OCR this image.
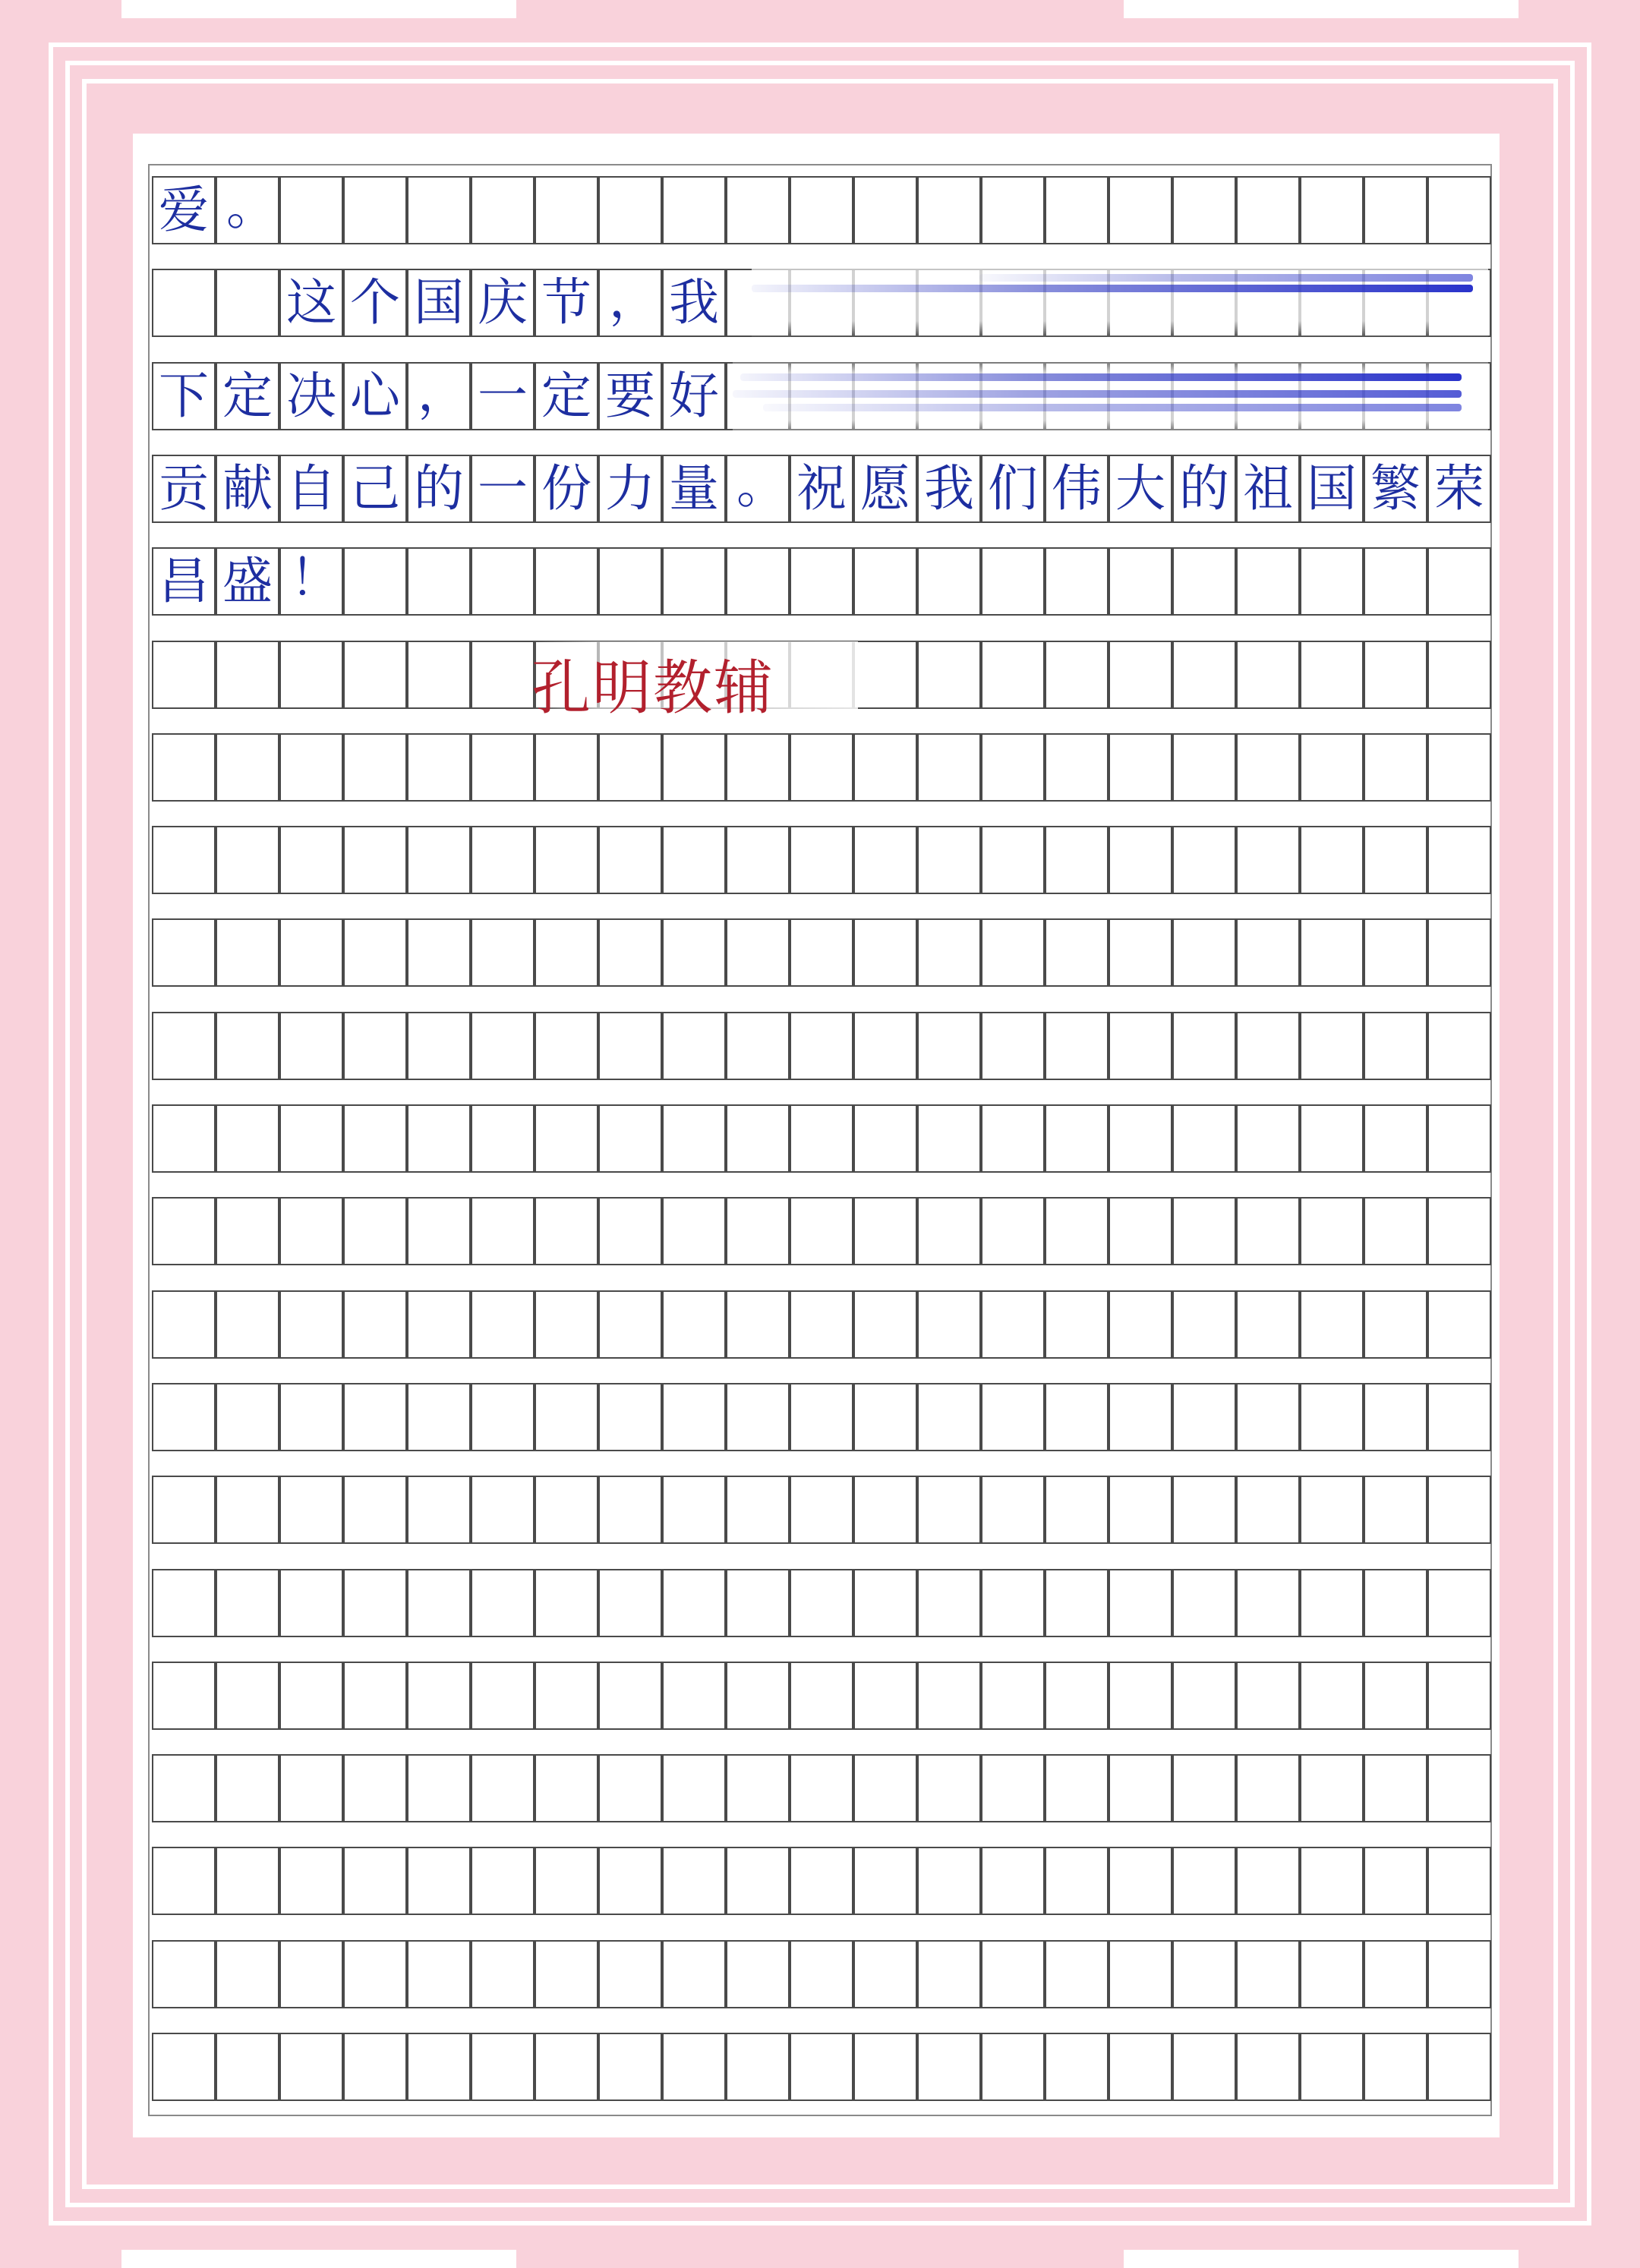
爱 。
这 个 国 庆 节 ， 我
下 定 决 心 ， 一 定 要 好
贡 献 自 己 的 一 份 力 量 。 祝 愿 我 们 伟 大 的 祖 国 繁 荣
昌 盛 ！
孔明教辅
